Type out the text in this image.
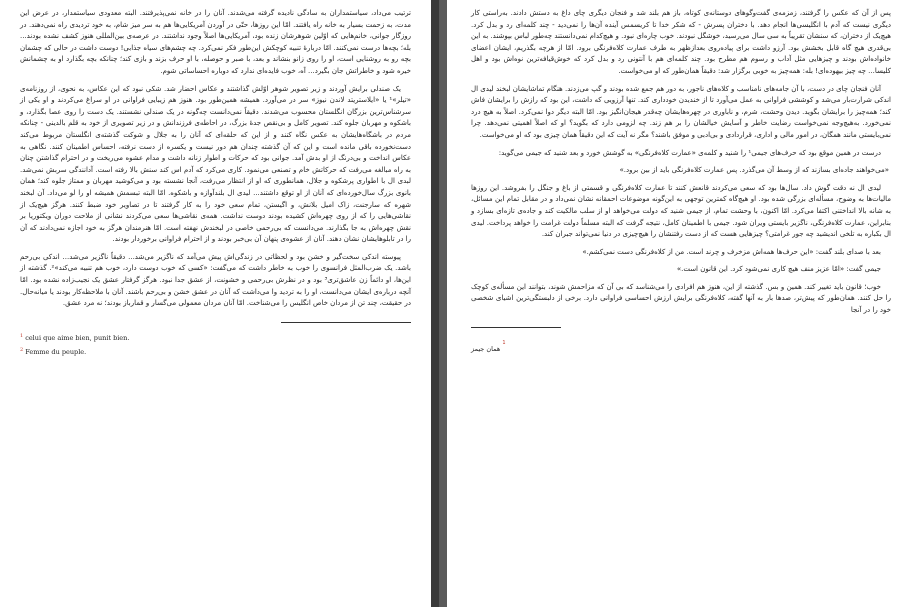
ترتیب می‌داد، سیاستمداران به سادگی نادیده گرفته می‌شدند. آنان را در خانه نمی‌پذیرفتند. البته معدودی سیاستمدار، در عرض این مدت، به زحمت بسیار به خانه راه یافتند. امّا این روزها، حتّی در آوردن آمریکایی‌ها هم به سر میز شام، به خود تردیدی راه نمی‌دهند. در روزگار جوانی، خانم‌هایی که اوّلین شوهرشان زنده بود، آمریکایی‌ها اصلاً وجود نداشتند. در عرصه‌ی بین‌المللی هنوز کشف نشده بودند... بله؛ بچه‌ها درست نمی‌کنند. امّا دربارهٔ تنبیه کوچکش این‌طور فکر نمی‌کرد. چه چشم‌های سیاه جذابی! دوست داشت در حالی که چشمان بچه رو به روشنایی است، او را روی زانو بنشاند و بعد، با صبر و حوصله، با او حرف بزند و بازی کند؛ چنانکه بچه بگذارد او به چشمانش خیره شود و خاطراتش جان بگیرد... آه، خوب فایده‌ای ندارد که دوباره احساساتی شوم.

یک صندلی برایش آوردند و زیر تصویر شوهر اوّلش گذاشتند و عکاس احضار شد. شکی نبود که این عکاس، به نحوی، از روزنامه‌ی «تیلر»¹ یا «ایلاستریتد لاندن نیوز» سر در می‌آورد. همیشه همین‌طور بود. هنوز هم زیبایی فراوانی در او سراغ می‌کردند و او یکی از سرشناس‌ترین بزرگان انگلستان محسوب می‌شدند. دقیقاً نمی‌دانست چه‌گونه در یک صندلی نشستند. یک دست را روی عصا بگذارد، و باشکوه و مهربان جلوه کند. تصویر کامل و بی‌نقص جدهٔ بزرگ، در احاطه‌ی فرزندانش و در زیر تصویری از خود به قلم بالدینی - چنانکه مردم در باشگاه‌هایشان به عکس نگاه کنند و از این که حلقه‌ای که آنان را به جلال و شوکت گذشته‌ی انگلستان مربوط می‌کند دست‌نخورده باقی مانده است و این که آن گذشته چندان هم دور نیست و یکسره از دست نرفته، احساس اطمینان کنند. نگاهی به عکاس انداخت و بی‌درنگ از او بدش آمد. جوانی بود که حرکات و اطوار زنانه داشت و مدام عشوه می‌ریخت و در احترام گذاشتن چنان به راه مبالغه می‌رفت که حرکاتش خام و تصنعی می‌نمود. کاری می‌کرد که آدم اس کند سنش بالا رفته است. آدانندگی سربش نمی‌شد. لبدی ال با اطواری پرشکوه و جلال، همانطوری که او از انتظار می‌رفت، آنجا نشسته بود و می‌کوشید مهربان و ممتاز جلوه کند؛ همان بانوی بزرگ سال‌خورده‌ای که آنان از او توقع داشتند... لیدی ال بلندآوازه و باشکوه. امّا البته تبسمش همیشه او را لو می‌داد. آن لبخند شهره که سارجنت، زاک امیل بلانش، و اگیستن، تمام سعی خود را به کار گرفتند تا در تصاویر خود ضبط کنند. هرگز هیچ‌یک از نقاشی‌هایی را که از روی چهره‌اش کشیده بودند دوست نداشت. همه‌ی نقاشی‌ها سعی می‌کردند نشانی از ملاحت دوران ویکتوریا بر نقش چهره‌اش به جا بگذارند. می‌دانست که بی‌رحمی خاصی در لبخندش نهفته است. امّا هنرمندان هرگز به خود اجازه نمی‌دادند که آن را در تابلوهایشان نشان دهند. آنان از عشوه‌ی پنهان آن بی‌خبر بودند و از احترام فراوانی برخوردار بودند.

پیوسته اندکی سخت‌گیر و خشن بود و لحظاتی در زندگی‌اش پیش می‌آمد که ناگزیر می‌شد... دقیقاً ناگزیر می‌شد... اندکی بی‌رحم باشد. یک ضرب‌المثل فرانسوی را خوب به خاطر داشت که می‌گفت: «کسی که خوب دوست دارد، خوب هم تنبیه می‌کند»². گذشته از این‌ها، او دائماً زن عاشق‌تری³ بود و در نظرش بی‌رحمی و خشونت، از عشق جدا نبود. هرگز گرفتار عشق یک نجیب‌زاده نشده بود. امّا آنچه درباره‌ی ایشان می‌دانست، او را به تردید وا می‌داشت که آنان در عشق خشن و بی‌رحم باشند. آنان با ملاحظه‌کار بودند یا میانه‌حال. در حقیقت، چند تن از مردان خاص انگلیس را می‌شناخت. امّا آنان مردان معمولی می‌گسار و قمارباز بودند؛ نه مرد عشق.

$^1$ celui que aime bien, punit bien.

$^2$ Femme du peuple.

پس از آن که عکس را گرفتند، زمزمه‌ی گفت‌وگوهای دوستانه‌ی کوتاه، باز هم بلند شد و فنجان دیگری چای داغ به دستش دادند. به‌راستی کار دیگری نیست که آدم با انگلیسی‌ها انجام دهد. با دختران پسرش - که شکر خدا تا کریسمس آینده آن‌ها را نمی‌دید - چند کلمه‌ای رد و بدل کرد. هیچ‌یک از دختران، که سنشان تقریباً به سی سال می‌رسید، خوشگل نبودند. خوب چاره‌ای نبود. و هیچ‌کدام نمی‌دانستند چه‌طور لباس بپوشند. به این بی‌قدری هیچ گاه قابل بخشش بود. آرزو داشت برای پیاده‌روی بعدازظهر به طرف عمارت کلاه‌فرنگی برود. امّا از هرچه بگذریم، ایشان اعضای خانواده‌اش بودند و چیزهایی مثل آداب و رسوم هم مطرح بود. چند کلمه‌ای هم با آنتونی رد و بدل کرد که خوش‌قیافه‌ترین نوه‌اش بود و اهل کلیسا... چه چیز بیهوده‌ای! بله: همه‌چیز به خوبی برگزار شد: دقیقاً همان‌طور که او می‌خواست.

آنان فنجان چای در دست، با آن جامه‌های نامناسب و کلاه‌های ناجور، به دور هم جمع شده بودند و گپ می‌زدند. هنگام تماشایشان لبخند لیدی ال اندکی شرارت‌بار می‌شد و کوششی فراوانی به عمل می‌آورد تا از خندیدن خودداری کند. تنها آرزویی که داشت، این بود که رازش را برایشان فاش کند؛ همه‌چیز را برایشان بگوید. دیدن وحشت، شرم، و ناباوری در چهره‌هایشان چه‌قدر هیجان‌انگیز بود. امّا البته دیگر دوا نمی‌کرد. اصلاً به هیچ درد نمی‌خورد. به‌هیچ‌وجه نمی‌خواست رضایت خاطر و آسایش خیالشان را بر هم زند. چه لزومی دارد که بگوید؟ او که اصلاً اهمیتی نمی‌دهد. چرا نمی‌بایستی مانند همگان، در امور مالی و اداری، قراردادی و بی‌ادبی و موفق باشند؟ مگر نه آیت که این دقیقاً همان چیزی بود که او می‌خواست.

درست در همین موقع بود که حرف‌های جیمی¹ را شنید و کلمه‌ی «عمارت کلاه‌فرنگی» به گوشش خورد و بعد شنید که جیمی می‌گوید:

«می‌خواهند جاده‌ای بسازند که از وسط آن می‌گذرد. پس عمارت کلاه‌فرنگی باید از بین برود.»

لیدی ال نه دقت گوش داد. سال‌ها بود که سعی می‌کردند قانعش کنند تا عمارت کلاه‌فرنگی و قسمتی از باغ و جنگل را بفروشد. این روزها مالیات‌ها به وضوح، مسأله‌ای بزرگی شده بود. او هیچ‌گاه کمترین توجهی به این‌گونه موضوعات احمقانه نشان نمی‌داد و در مقابل تمام این مسائل، به شانه بالا انداختنی اکتفا می‌کرد. امّا اکنون، با وحشت تمام، از جیمی شنید که دولت می‌خواهد او از سلب مالکیت کند و جاده‌ی تازه‌ای بسازد و بنابراین، عمارت کلاه‌فرنگی، ناگزیر بایستی ویران شود. جیمی با اطمینان کامل، نتیجه گرفت که البته مسلماً دولت غرامت را خواهد پرداخت. لیدی ال بکباره به تلخی اندیشید چه جور غرامتی؟ چیزهایی هست که از دست رفتنشان را هیچ‌چیزی در دنیا نمی‌تواند جبران کند.

بعد با صدای بلند گفت: «این حرف‌ها همه‌اش مزخرف و چرند است. من از کلاه‌فرنگی دست نمی‌کشم.»

جیمی گفت: «امّا عزیز منف هیچ کاری نمی‌شود کرد. این قانون است.»

خوب؛ قانون باید تغییر کند. همین و بس. گذشته از این، هنوز هم افرادی را می‌شناسد که بی آن که مزاحمش شوند، بتوانند این مسأله‌ی کوچک را حل کنند. همان‌طور که پیش‌تر، صدها بار به آنها گفته، کلاه‌فرنگی برایش ارزش احساسی فراوانی دارد. برخی از دلبستگی‌ترین اشیای شخصی خود را در آنجا

همان جیمز$^1$
